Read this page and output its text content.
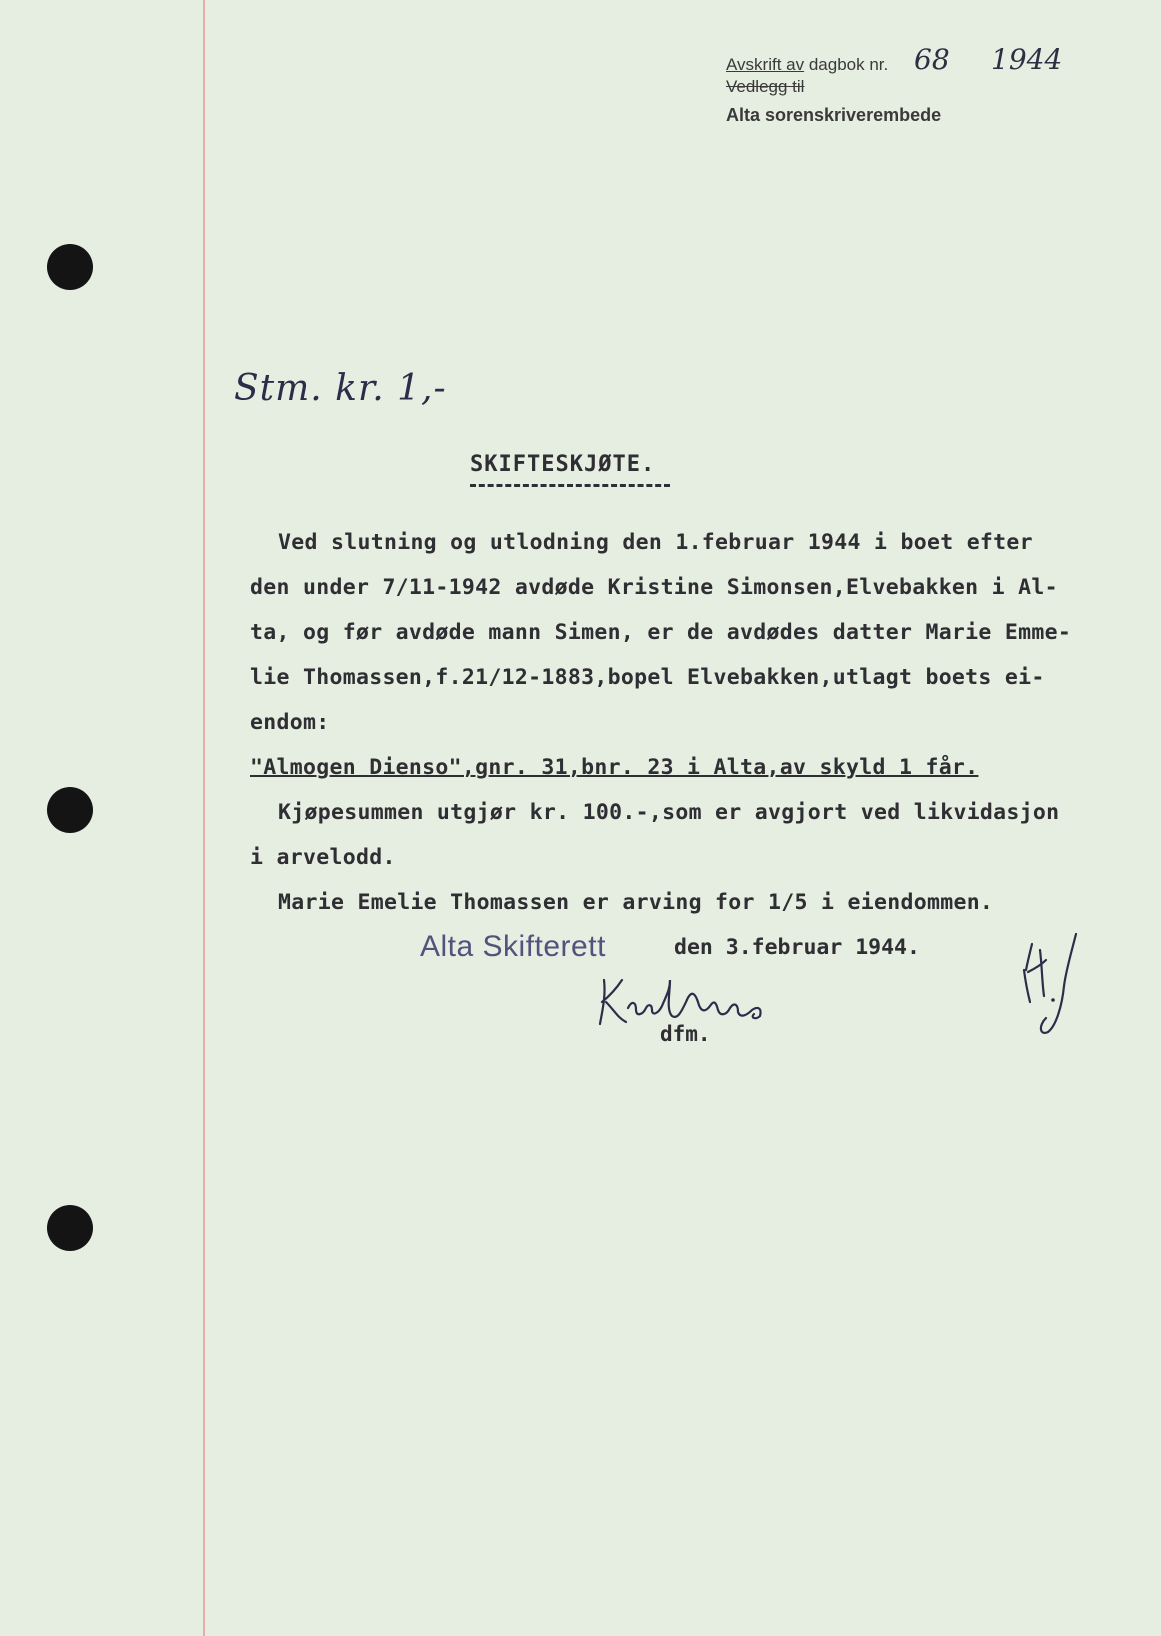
Avskrift av dagbok nr. 68 1944
Vedlegg til
Alta sorenskriverembede
Stm. kr. 1,-
SKIFTESKJØTE.
Ved slutning og utlodning den 1.februar 1944 i boet efter
den under 7/11-1942 avdøde Kristine Simonsen,Elvebakken i Al-
ta, og før avdøde mann Simen, er de avdødes datter Marie Emme-
lie Thomassen,f.21/12-1883,bopel Elvebakken,utlagt boets ei-
endom:
"Almogen Dienso",gnr. 31,bnr. 23 i Alta,av skyld 1 får.
Kjøpesummen utgjør kr. 100.-,som er avgjort ved likvidasjon
i arvelodd.
Marie Emelie Thomassen er arving for 1/5 i eiendommen.
Alta Skifterett	den 3.februar 1944.
dfm.
